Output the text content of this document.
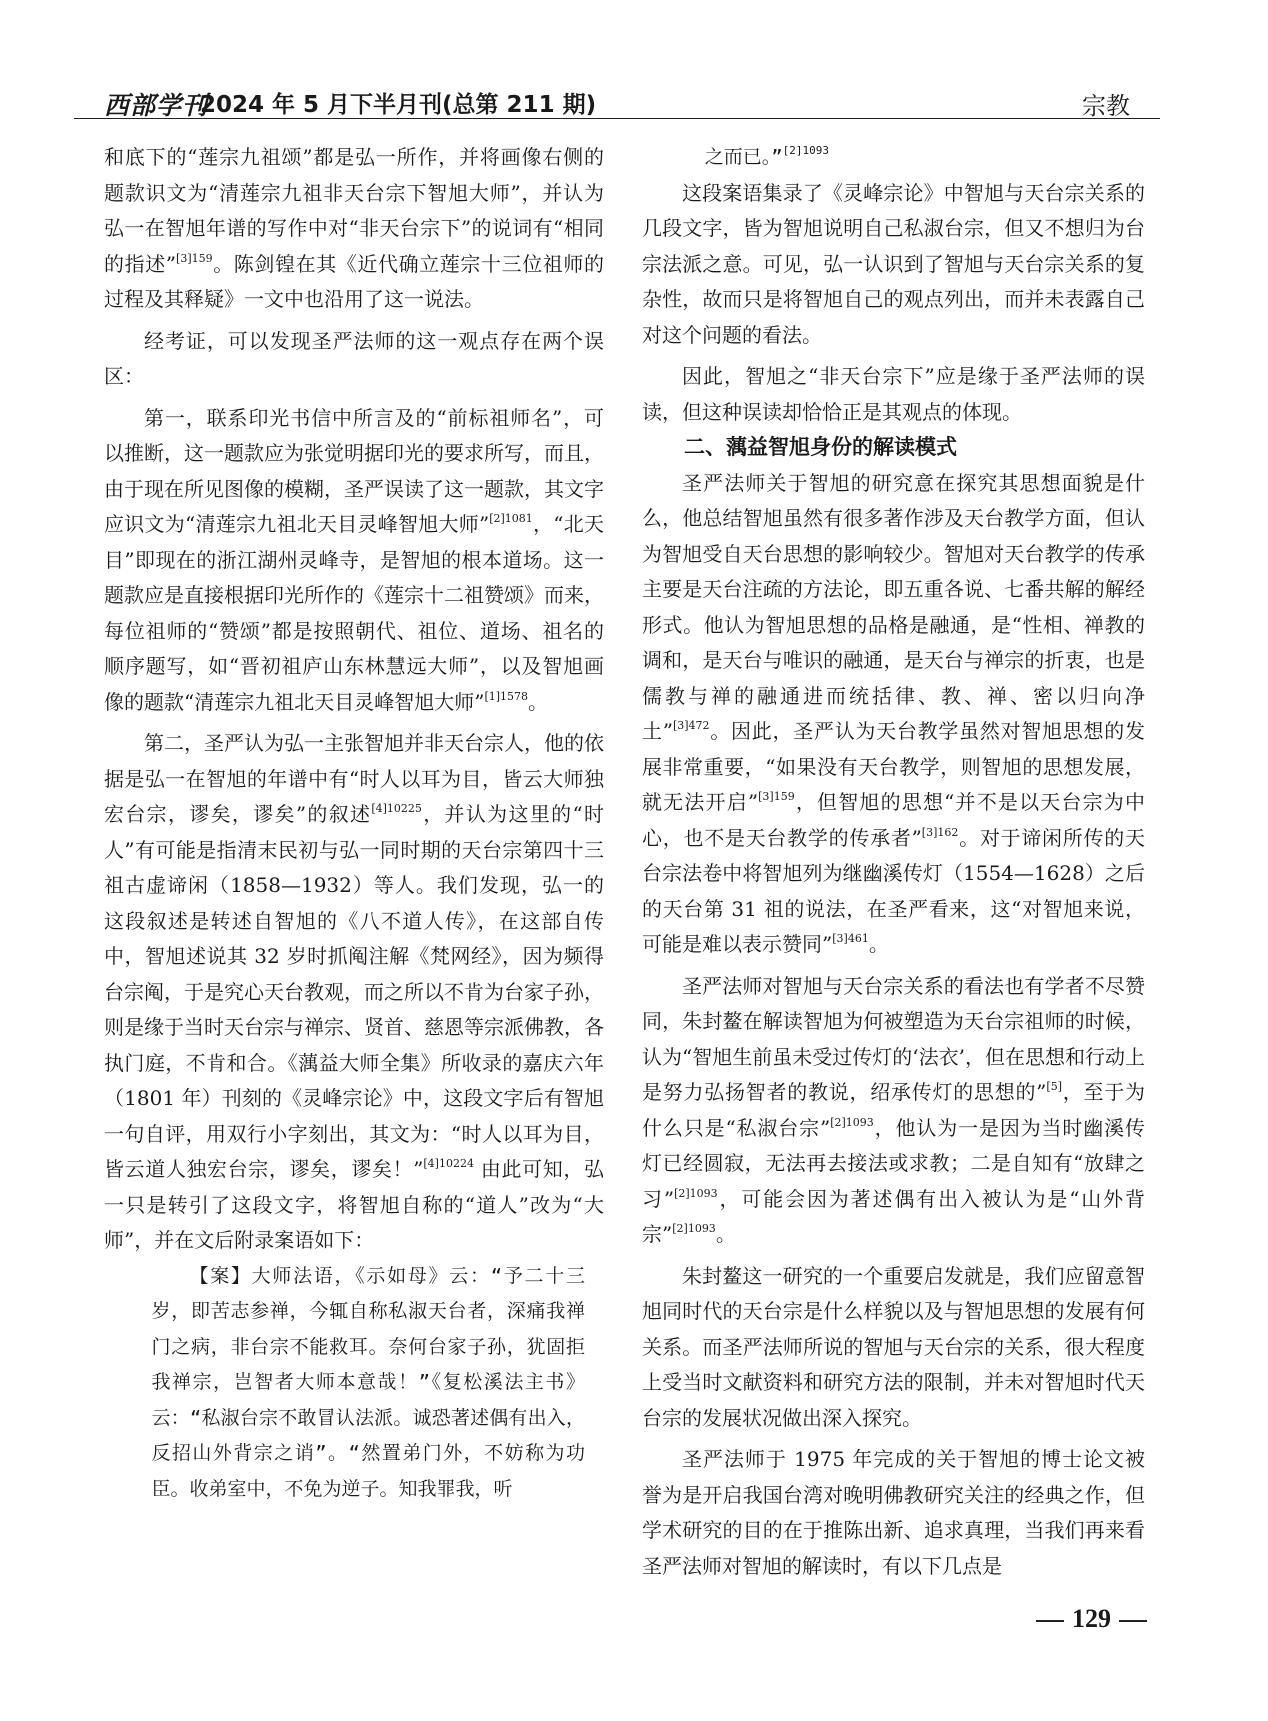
西部学刊
2024 年 5 月下半月刊(总第 211 期)	宗教

和底下的“莲宗九祖颂”都是弘一所作，并将画像右侧的题款识文为“清莲宗九祖非天台宗下智旭大师”，并认为弘一在智旭年谱的写作中对“非天台宗下”的说词有“相同的指述”$^{[3]159}$。陈剑锽在其《近代确立莲宗十三位祖师的过程及其释疑》一文中也沿用了这一说法。

经考证，可以发现圣严法师的这一观点存在两个误区：

第一，联系印光书信中所言及的“前标祖师名”，可以推断，这一题款应为张觉明据印光的要求所写，而且，由于现在所见图像的模糊，圣严误读了这一题款，其文字应识文为“清莲宗九祖北天目灵峰智旭大师”$^{[2]1081}$，“北天目”即现在的浙江湖州灵峰寺，是智旭的根本道场。这一题款应是直接根据印光所作的《莲宗十二祖赞颂》而来，每位祖师的“赞颂”都是按照朝代、祖位、道场、祖名的顺序题写，如“晋初祖庐山东林慧远大师”，以及智旭画像的题款“清莲宗九祖北天目灵峰智旭大师”$^{[1]1578}$。

第二，圣严认为弘一主张智旭并非天台宗人，他的依据是弘一在智旭的年谱中有“时人以耳为目，皆云大师独宏台宗，谬矣，谬矣”的叙述$^{[4]10225}$，并认为这里的“时人”有可能是指清末民初与弘一同时期的天台宗第四十三祖古虚谛闲（1858—1932）等人。我们发现，弘一的这段叙述是转述自智旭的《八不道人传》，在这部自传中，智旭述说其 32 岁时抓阄注解《梵网经》，因为频得台宗阄，于是究心天台教观，而之所以不肯为台家子孙，则是缘于当时天台宗与禅宗、贤首、慈恩等宗派佛教，各执门庭，不肯和合。《蕅益大师全集》所收录的嘉庆六年（1801 年）刊刻的《灵峰宗论》中，这段文字后有智旭一句自评，用双行小字刻出，其文为：“时人以耳为目，皆云道人独宏台宗，谬矣，谬矣！”$^{[4]10224}$ 由此可知，弘一只是转引了这段文字，将智旭自称的“道人”改为“大师”，并在文后附录案语如下：

【案】大师法语，《示如母》云：“予二十三岁，即苦志参禅，今辄自称私淑天台者，深痛我禅门之病，非台宗不能救耳。奈何台家子孙，犹固拒我禅宗，岂智者大师本意哉！”《复松溪法主书》云：“私淑台宗不敢冒认法派。诚恐著述偶有出入，反招山外背宗之诮”。“然置弟门外，不妨称为功臣。收弟室中，不免为逆子。知我罪我，听

之而已。”$^{[2]1093}$

这段案语集录了《灵峰宗论》中智旭与天台宗关系的几段文字，皆为智旭说明自己私淑台宗，但又不想归为台宗法派之意。可见，弘一认识到了智旭与天台宗关系的复杂性，故而只是将智旭自己的观点列出，而并未表露自己对这个问题的看法。

因此，智旭之“非天台宗下”应是缘于圣严法师的误读，但这种误读却恰恰正是其观点的体现。

二、蕅益智旭身份的解读模式

圣严法师关于智旭的研究意在探究其思想面貌是什么，他总结智旭虽然有很多著作涉及天台教学方面，但认为智旭受自天台思想的影响较少。智旭对天台教学的传承主要是天台注疏的方法论，即五重各说、七番共解的解经形式。他认为智旭思想的品格是融通，是“性相、禅教的调和，是天台与唯识的融通，是天台与禅宗的折衷，也是儒教与禅的融通进而统括律、教、禅、密以归向净土”$^{[3]472}$。因此，圣严认为天台教学虽然对智旭思想的发展非常重要，“如果没有天台教学，则智旭的思想发展，就无法开启”$^{[3]159}$，但智旭的思想“并不是以天台宗为中心，也不是天台教学的传承者”$^{[3]162}$。对于谛闲所传的天台宗法卷中将智旭列为继幽溪传灯（1554—1628）之后的天台第 31 祖的说法，在圣严看来，这“对智旭来说，可能是难以表示赞同”$^{[3]461}$。

圣严法师对智旭与天台宗关系的看法也有学者不尽赞同，朱封鳌在解读智旭为何被塑造为天台宗祖师的时候，认为“智旭生前虽未受过传灯的‘法衣’，但在思想和行动上是努力弘扬智者的教说，绍承传灯的思想的”[5]，至于为什么只是“私淑台宗”$^{[2]1093}$，他认为一是因为当时幽溪传灯已经圆寂，无法再去接法或求教；二是自知有“放肆之习”$^{[2]1093}$，可能会因为著述偶有出入被认为是“山外背宗”$^{[2]1093}$。

朱封鳌这一研究的一个重要启发就是，我们应留意智旭同时代的天台宗是什么样貌以及与智旭思想的发展有何关系。而圣严法师所说的智旭与天台宗的关系，很大程度上受当时文献资料和研究方法的限制，并未对智旭时代天台宗的发展状况做出深入探究。

圣严法师于 1975 年完成的关于智旭的博士论文被誉为是开启我国台湾对晚明佛教研究关注的经典之作，但学术研究的目的在于推陈出新、追求真理，当我们再来看圣严法师对智旭的解读时，有以下几点是

129
